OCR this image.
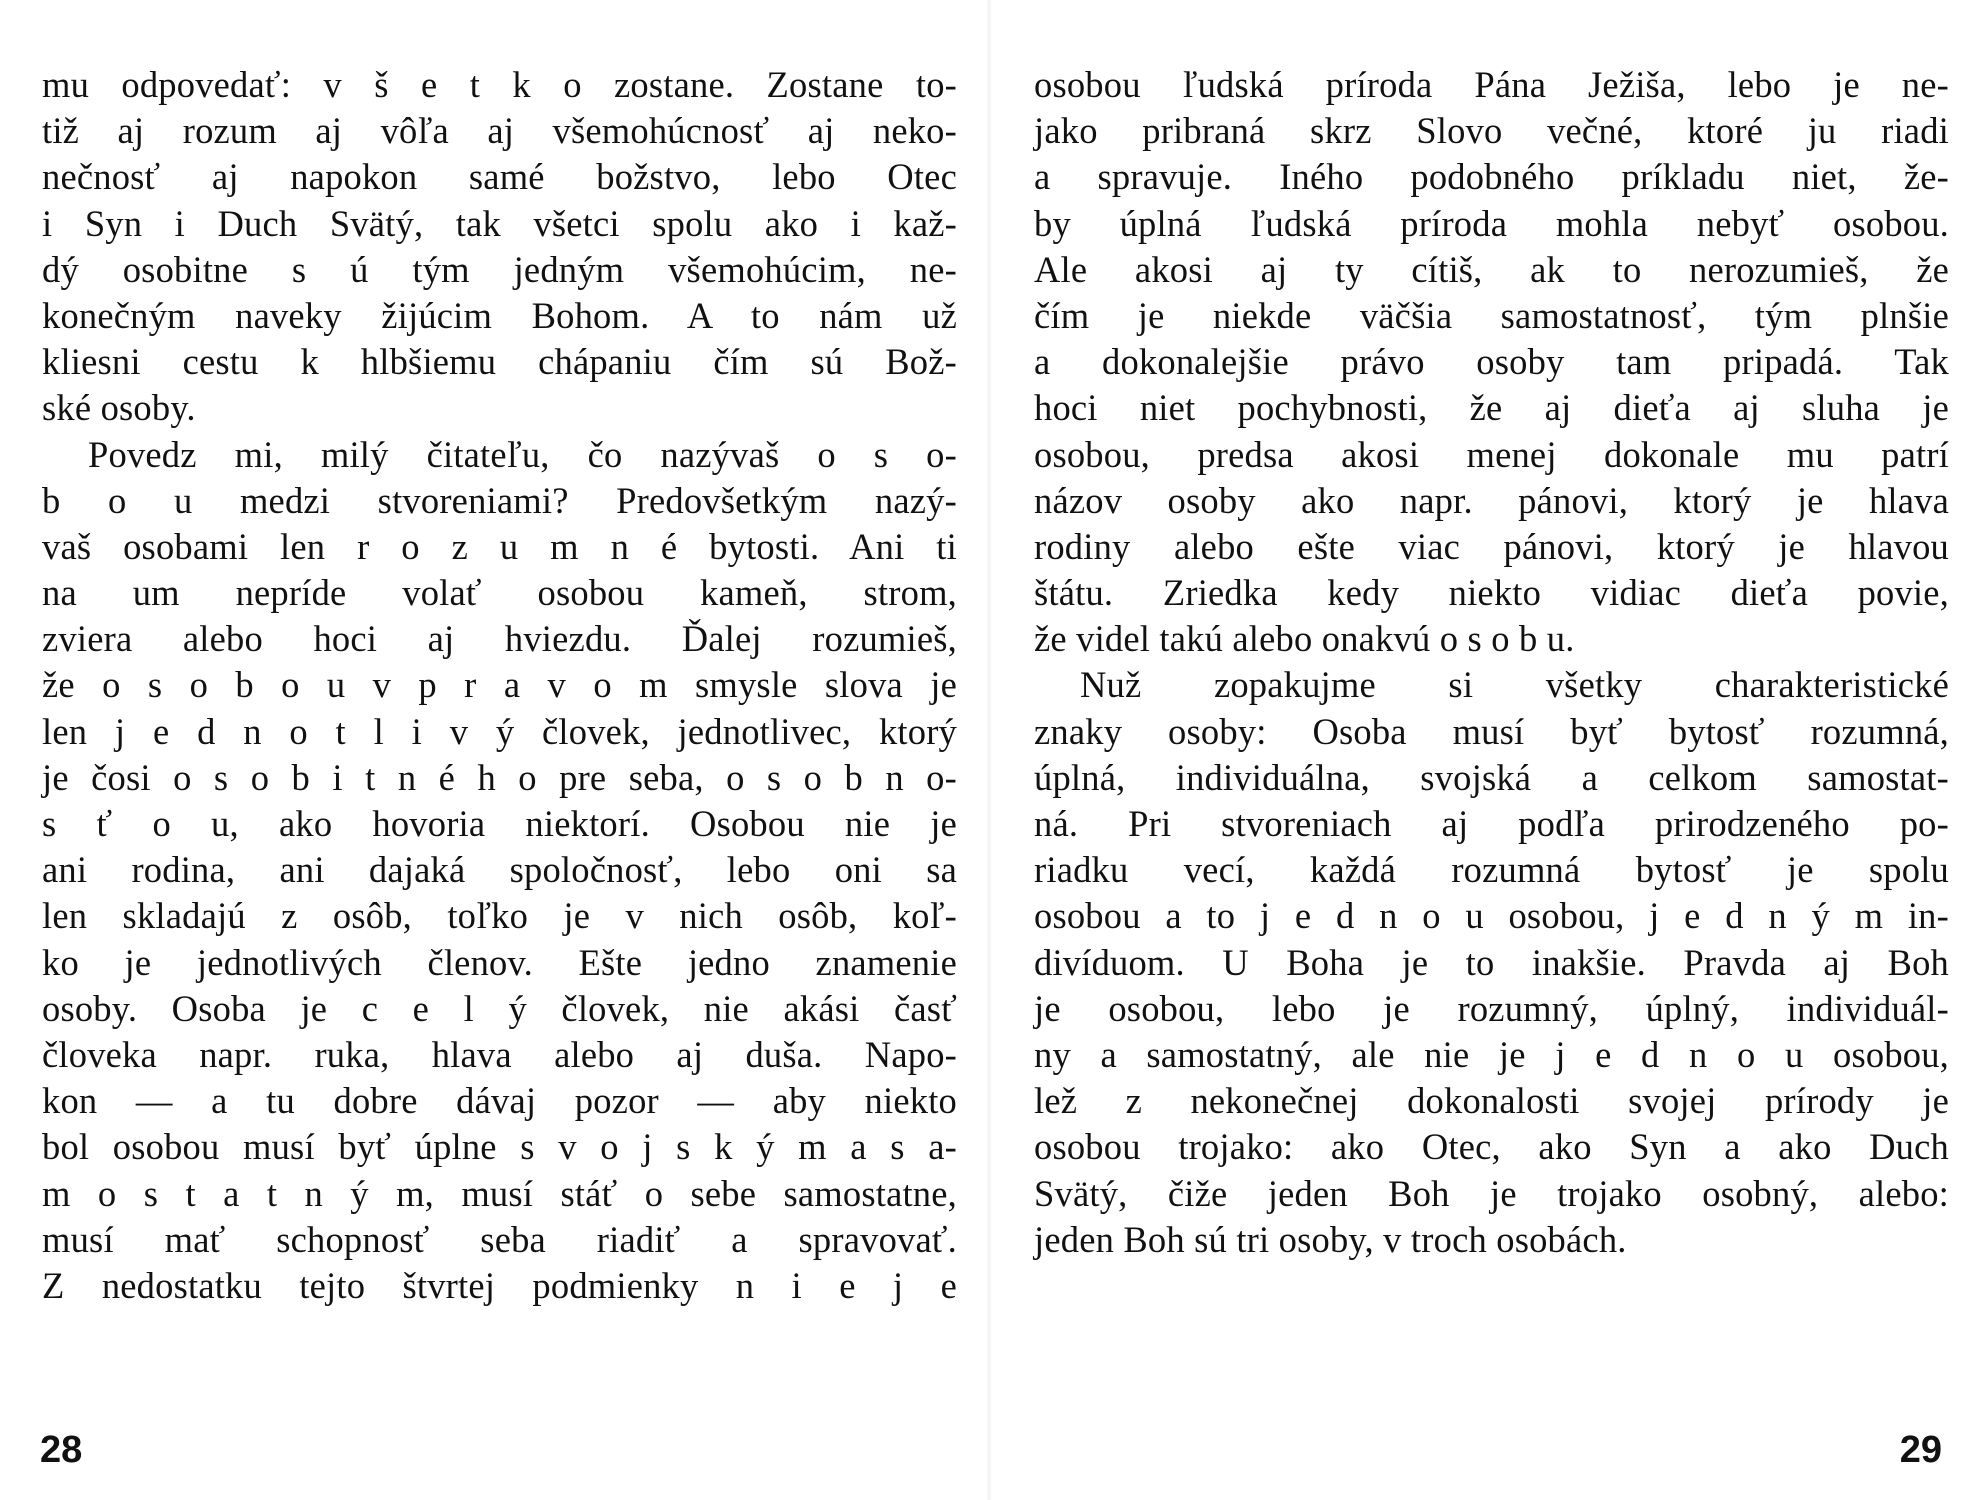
mu odpovedať: v š e t k o zostane. Zostane to-
tiž aj rozum aj vôľa aj všemohúcnosť aj neko-
nečnosť aj napokon samé božstvo, lebo Otec
i Syn i Duch Svätý, tak všetci spolu ako i kaž-
dý osobitne s ú tým jedným všemohúcim, ne-
konečným naveky žijúcim Bohom. A to nám už
kliesni cestu k hlbšiemu chápaniu čím sú Bož-
ské osoby.
Povedz mi, milý čitateľu, čo nazývaš o s o-
b o u medzi stvoreniami? Predovšetkým nazý-
vaš osobami len r o z u m n é bytosti. Ani ti
na um nepríde volať osobou kameň, strom,
zviera alebo hoci aj hviezdu. Ďalej rozumieš,
že o s o b o u v p r a v o m smysle slova je
len j e d n o t l i v ý človek, jednotlivec, ktorý
je čosi o s o b i t n é h o pre seba, o s o b n o-
s ť o u, ako hovoria niektorí. Osobou nie je
ani rodina, ani dajaká spoločnosť, lebo oni sa
len skladajú z osôb, toľko je v nich osôb, koľ-
ko je jednotlivých členov. Ešte jedno znamenie
osoby. Osoba je c e l ý človek, nie akási časť
človeka napr. ruka, hlava alebo aj duša. Napo-
kon — a tu dobre dávaj pozor — aby niekto
bol osobou musí byť úplne s v o j s k ý m a s a-
m o s t a t n ý m, musí stáť o sebe samostatne,
musí mať schopnosť seba riadiť a spravovať.
Z nedostatku tejto štvrtej podmienky n i e j e
28
osobou ľudská príroda Pána Ježiša, lebo je ne-
jako pribraná skrz Slovo večné, ktoré ju riadi
a spravuje. Iného podobného príkladu niet, že-
by úplná ľudská príroda mohla nebyť osobou.
Ale akosi aj ty cítiš, ak to nerozumieš, že
čím je niekde väčšia samostatnosť, tým plnšie
a dokonalejšie právo osoby tam pripadá. Tak
hoci niet pochybnosti, že aj dieťa aj sluha je
osobou, predsa akosi menej dokonale mu patrí
názov osoby ako napr. pánovi, ktorý je hlava
rodiny alebo ešte viac pánovi, ktorý je hlavou
štátu. Zriedka kedy niekto vidiac dieťa povie,
že videl takú alebo onakvú o s o b u.
Nuž zopakujme si všetky charakteristické
znaky osoby: Osoba musí byť bytosť rozumná,
úplná, individuálna, svojská a celkom samostat-
ná. Pri stvoreniach aj podľa prirodzeného po-
riadku vecí, každá rozumná bytosť je spolu
osobou a to j e d n o u osobou, j e d n ý m in-
divíduom. U Boha je to inakšie. Pravda aj Boh
je osobou, lebo je rozumný, úplný, individuál-
ny a samostatný, ale nie je j e d n o u osobou,
lež z nekonečnej dokonalosti svojej prírody je
osobou trojako: ako Otec, ako Syn a ako Duch
Svätý, čiže jeden Boh je trojako osobný, alebo:
jeden Boh sú tri osoby, v troch osobách.
29
